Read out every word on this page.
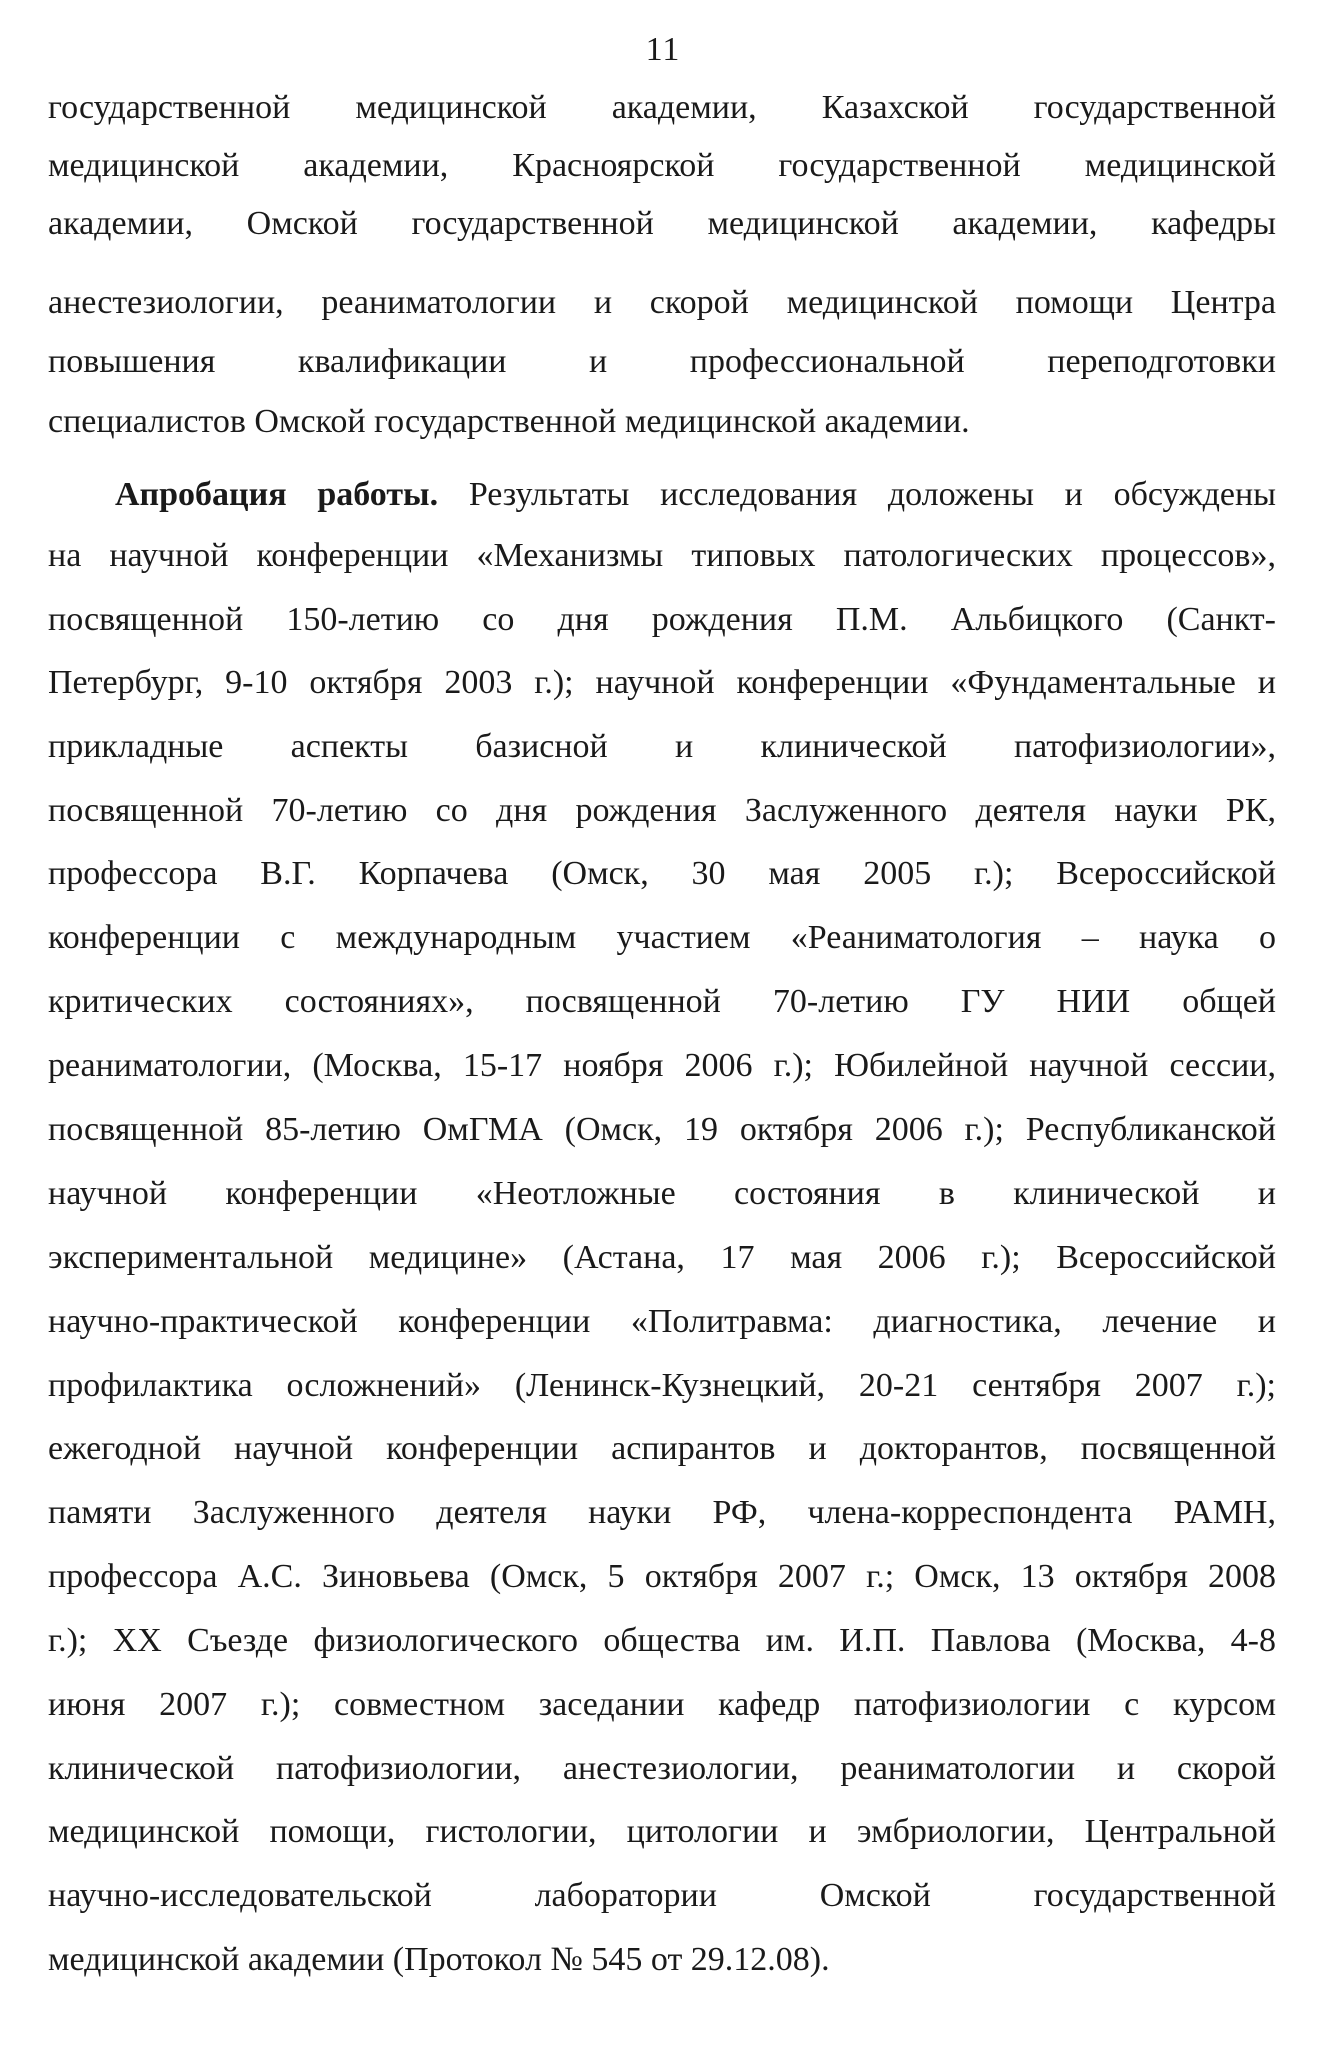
11
государственной медицинской академии, Казахской государственной
медицинской академии, Красноярской государственной медицинской
академии, Омской государственной медицинской академии, кафедры
анестезиологии, реаниматологии и скорой медицинской помощи Центра
повышения квалификации и профессиональной переподготовки
специалистов Омской государственной медицинской академии.
Апробация работы. Результаты исследования доложены и обсуждены
на научной конференции «Механизмы типовых патологических процессов»,
посвященной 150-летию со дня рождения П.М. Альбицкого (Санкт-
Петербург, 9-10 октября 2003 г.); научной конференции «Фундаментальные и
прикладные аспекты базисной и клинической патофизиологии»,
посвященной 70-летию со дня рождения Заслуженного деятеля науки РК,
профессора В.Г. Корпачева (Омск, 30 мая 2005 г.); Всероссийской
конференции с международным участием «Реаниматология – наука о
критических состояниях», посвященной 70-летию ГУ НИИ общей
реаниматологии, (Москва, 15-17 ноября 2006 г.); Юбилейной научной сессии,
посвященной 85-летию ОмГМА (Омск, 19 октября 2006 г.); Республиканской
научной конференции «Неотложные состояния в клинической и
экспериментальной медицине» (Астана, 17 мая 2006 г.); Всероссийской
научно-практической конференции «Политравма: диагностика, лечение и
профилактика осложнений» (Ленинск-Кузнецкий, 20-21 сентября 2007 г.);
ежегодной научной конференции аспирантов и докторантов, посвященной
памяти Заслуженного деятеля науки РФ, члена-корреспондента РАМН,
профессора А.С. Зиновьева (Омск, 5 октября 2007 г.; Омск, 13 октября 2008
г.); XX Съезде физиологического общества им. И.П. Павлова (Москва, 4-8
июня 2007 г.); совместном заседании кафедр патофизиологии с курсом
клинической патофизиологии, анестезиологии, реаниматологии и скорой
медицинской помощи, гистологии, цитологии и эмбриологии, Центральной
научно-исследовательской лаборатории Омской государственной
медицинской академии (Протокол № 545 от 29.12.08).
